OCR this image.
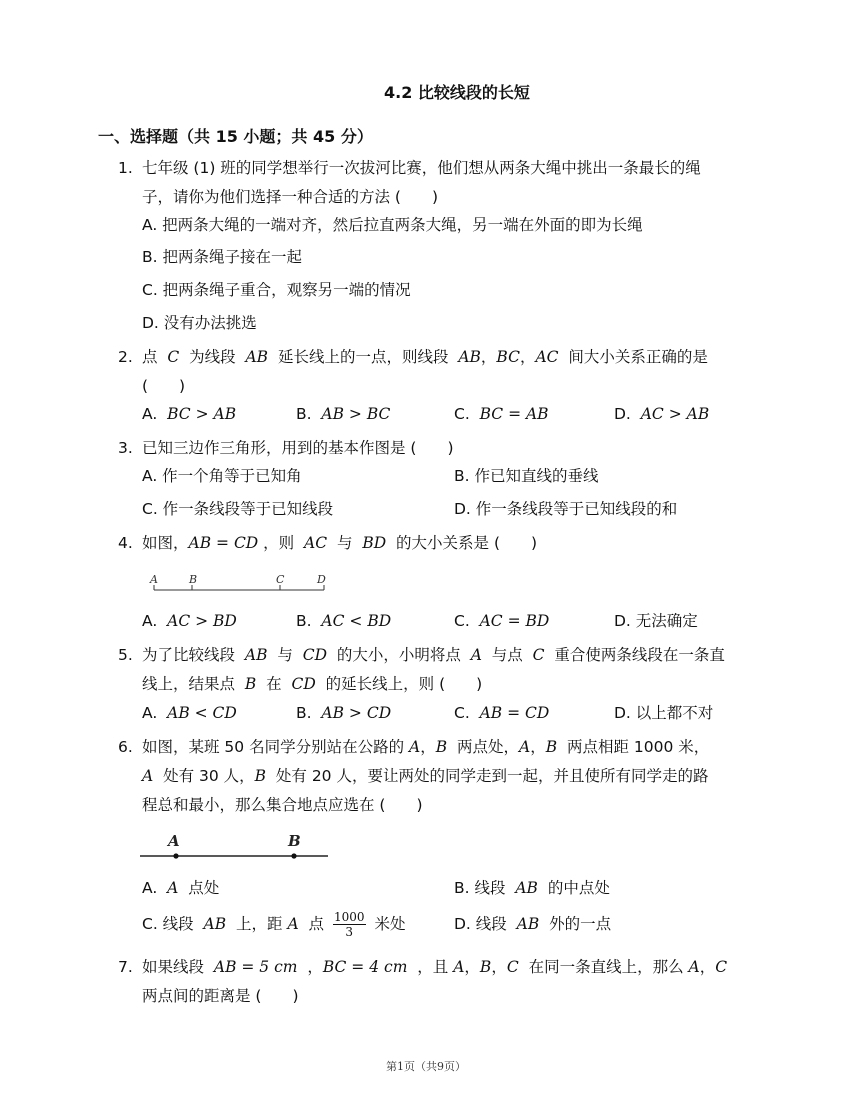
4.2 比较线段的长短
一、选择题（共 15 小题；共 45 分）
1. 七年级 (1) 班的同学想举行一次拔河比赛，他们想从两条大绳中挑出一条最长的绳
子，请你为他们选择一种合适的方法 (　　)
A. 把两条大绳的一端对齐，然后拉直两条大绳，另一端在外面的即为长绳
B. 把两条绳子接在一起
C. 把两条绳子重合，观察另一端的情况
D. 没有办法挑选
2. 点 C 为线段 AB 延长线上的一点，则线段 AB，BC，AC 间大小关系正确的是
(　　)
A. BC > AB	B. AB > BC	C. BC = AB	D. AC > AB
3. 已知三边作三角形，用到的基本作图是 (　　)
A. 作一个角等于已知角	B. 作已知直线的垂线
C. 作一条线段等于已知线段	D. 作一条线段等于已知线段的和
4. 如图，AB = CD ，则 AC 与 BD 的大小关系是 (　　)
A	B	C	D
A. AC > BD	B. AC < BD	C. AC = BD	D. 无法确定
5. 为了比较线段 AB 与 CD 的大小，小明将点 A 与点 C 重合使两条线段在一条直
线上，结果点 B 在 CD 的延长线上，则 (　　)
A. AB < CD	B. AB > CD	C. AB = CD	D. 以上都不对
6. 如图，某班 50 名同学分别站在公路的 A，B 两点处，A，B 两点相距 1000 米，
A 处有 30 人，B 处有 20 人，要让两处的同学走到一起，并且使所有同学走的路
程总和最小，那么集合地点应选在 (　　)
A	B
A. A 点处	B. 线段 AB 的中点处
C. 线段 AB 上，距 A 点 $\frac{1000}{3}$ 米处	D. 线段 AB 外的一点
7. 如果线段 AB = 5 cm ，BC = 4 cm ，且 A，B，C 在同一条直线上，那么 A，C
两点间的距离是 (　　)
第1页（共9页）
